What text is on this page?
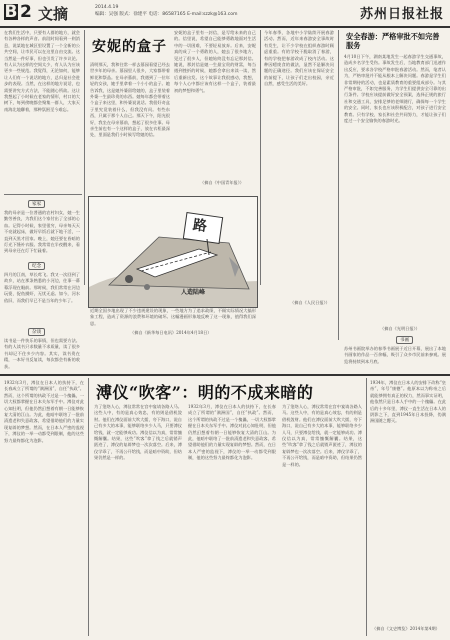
B 2 文摘	2014.4.19
编辑：吴强 版式：徐建平 电话：86587165 E-mail:szzk@163.com	苏州日报社报
在我们生活中，只要有人群的地方，就会有各种各样的声音。前段时间看到一则消息，说某地在城区里设置了一个全新的公共空间，让市民可以在这里自由交流。这当然是一件好事，但也引发了许多议论。有人认为这样的空间太少，有人认为应该更多一些规范。我觉得，无论如何，能够让人们有一个说话的地方，总归是社会进步的表现。当然，在这样的地方说话，也需要讲究方式方法，不能随心所欲。这让我想起了小时候在老家的情形，村口的大树下，每到傍晚都会聚集一群人，大家天南海北地聊着，那种氛围至今难忘。
安妮的盒子
清明那天，我和往常一样去墓园看望已经去世多年的母亲。墓园里人很多，大家都带着鲜花和祭品。在母亲墓前，我遇到了一位年轻的女孩，她手里拿着一个小小的盒子。她告诉我，这是她外婆留给她的，盒子里装着外婆一生最珍贵的东西。她每年都会带着这个盒子来这里，和外婆说说话。我很好奇盒子里究竟装着什么，但我没有问。有些东西，只属于那个人自己。那天下午，阳光很好，我坐在母亲墓前，想起了很多往事。母亲生前也有一个这样的盒子，放在衣柜最深处，里面是我们小时候写给她的信。
安妮的盒子里有一封信，是写给未来的自己的。信里说，希望自己能够勇敢地面对生活中的一切困难，不要轻易放弃。后来，安妮真的成了一个勇敢的人，她去了很多地方，见过了很多人，但她始终没有忘记那封信。她说，那封信是她一生最宝贵的财富，每当遇到挫折的时候，她都会拿出来读一读，然后重新出发。这个故事让我很感动，我想，每个人心中都应该有这样一个盒子，装着最初的梦想和勇气。
（摘自《中国青年报》）
今年春季，各地中小学陆续开展春游活动。然而，近年来春游安全事故时有发生，让不少学校在组织春游时顾虑重重。有的学校干脆取消了春游，有的学校把春游改成了校内活动。这种因噎废食的做法，显然不是解决问题的正确途径。我们应该在保证安全的前提下，让孩子们走出校园，亲近自然，感受生活的美好。
（摘自《人民日报》）
安全春游：严格审批不如完善服务
4月10日下午，湖南某地发生一起春游学生交通事故，造成多名学生受伤。事故发生后，当地教育部门迅速作出反应，要求各学校严格审批春游活动。然而，笔者认为，严格审批并不能从根本上解决问题。春游是学生们非常期待的活动，也是素质教育的重要组成部分。与其严格审批，不如完善服务，为学生们提供安全可靠的出行条件。学校应该提前做好安全预案，选择正规的旅行社和交通工具，安排足够的老师随行，确保每一个学生的安全。同时，家长也应该积极配合，对孩子进行安全教育。只有学校、家长和社会共同努力，才能让孩子们度过一个安全愉快的春游时光。
（摘自《光明日报》）
书画
家家
我的母亲是一位普通的农村妇女，她一生勤劳善良，为我们这个家付出了全部的心血。记得小时候，家里很穷，母亲每天天不亮就起床，做好早饭后就下地干活，一直到天黑才回家。晚上，她还要在昏暗的灯光下缝补衣服。我常常在半夜醒来，看到母亲还在灯下忙碌着。
纪念
四月的江南，草长莺飞。我又一次回到了故乡，站在那条熟悉的小河边，往事一幕幕浮现在眼前。那时候，我们常常在河边玩耍，捉鱼摸虾，无忧无虑。如今，河水依旧，而我们早已不是当年的少年了。
杂谈
读书是一件快乐的事情，但也需要方法。有的人读书只求数量不求质量，读了很多书却记不住多少内容。其实，读书贵在精，一本好书反复读，每次都会有新的收获。
路
人造陆峰
近期全国多地出现了不少违规建设的现象，一些地方为了追求政绩，不顾实际情况大搞形象工程，造成了资源的浪费和环境的破坏。这幅漫画形象地反映了这一现象，值得我们深思。
（摘自《新华每日电讯》2014年4月18日）
苏州书画院举办的春季书画展于近日开幕，展出了本地书画家的作品一百余幅，吸引了众多市民前来参观。展览将持续到本月底。
1932年3月，溥仪在日本人的扶持下，在长春成立了所谓的“满洲国”，自任“执政”。然而，这个所谓的执政不过是一个傀儡，一切大权都掌握在日本关东军手中。溥仪对此心知肚明，但他仍然幻想着有朝一日能够恢复大清的江山。为此，他暗中联络了一批前清遗老和失意政客，希望借助他们的力量实现复辟的梦想。然而，在日本人严密的监视下，溥仪的一举一动都受到限制，他的这些努力最终都化为泡影。
溥仪“吹客”：明的不成来暗的
为了笼络人心，溥仪常常在宫中宴请各路人马。这些人中，有的是真心效忠，有的则是借机敛财。他们在溥仪面前大吹大擂，夸下海口，说自己有多大的本事，能够联络多少人马，只要溥仪给钱，就一定能够成功。溥仪信以为真，常常慷慨解囊。结果，这些“吹客”拿了钱之后就销声匿迹了，溥仪的复辟梦也一次次落空。后来，溥仪学乖了，不再公开给钱，而是暗中资助，但结果仍然是一样的。
1932年3月，溥仪在日本人的扶持下，在长春成立了所谓的“满洲国”，自任“执政”。然而，这个所谓的执政不过是一个傀儡，一切大权都掌握在日本关东军手中。溥仪对此心知肚明，但他仍然幻想着有朝一日能够恢复大清的江山。为此，他暗中联络了一批前清遗老和失意政客，希望借助他们的力量实现复辟的梦想。然而，在日本人严密的监视下，溥仪的一举一动都受到限制，他的这些努力最终都化为泡影。
为了笼络人心，溥仪常常在宫中宴请各路人马。这些人中，有的是真心效忠，有的则是借机敛财。他们在溥仪面前大吹大擂，夸下海口，说自己有多大的本事，能够联络多少人马，只要溥仪给钱，就一定能够成功。溥仪信以为真，常常慷慨解囊。结果，这些“吹客”拿了钱之后就销声匿迹了，溥仪的复辟梦也一次次落空。后来，溥仪学乖了，不再公开给钱，而是暗中资助，但结果仍然是一样的。
1934年，溥仪在日本人的安排下改称“皇帝”，年号“康德”。他原本以为称帝之后就能够拥有真正的权力，然而事实证明，他依然只是日本人手中的一个傀儡。在此后的十多年里，溥仪一直生活在日本人的阴影之下，直到1945年日本投降，伪满洲国随之覆灭。
（摘自《文史博览》2014年第4期）
